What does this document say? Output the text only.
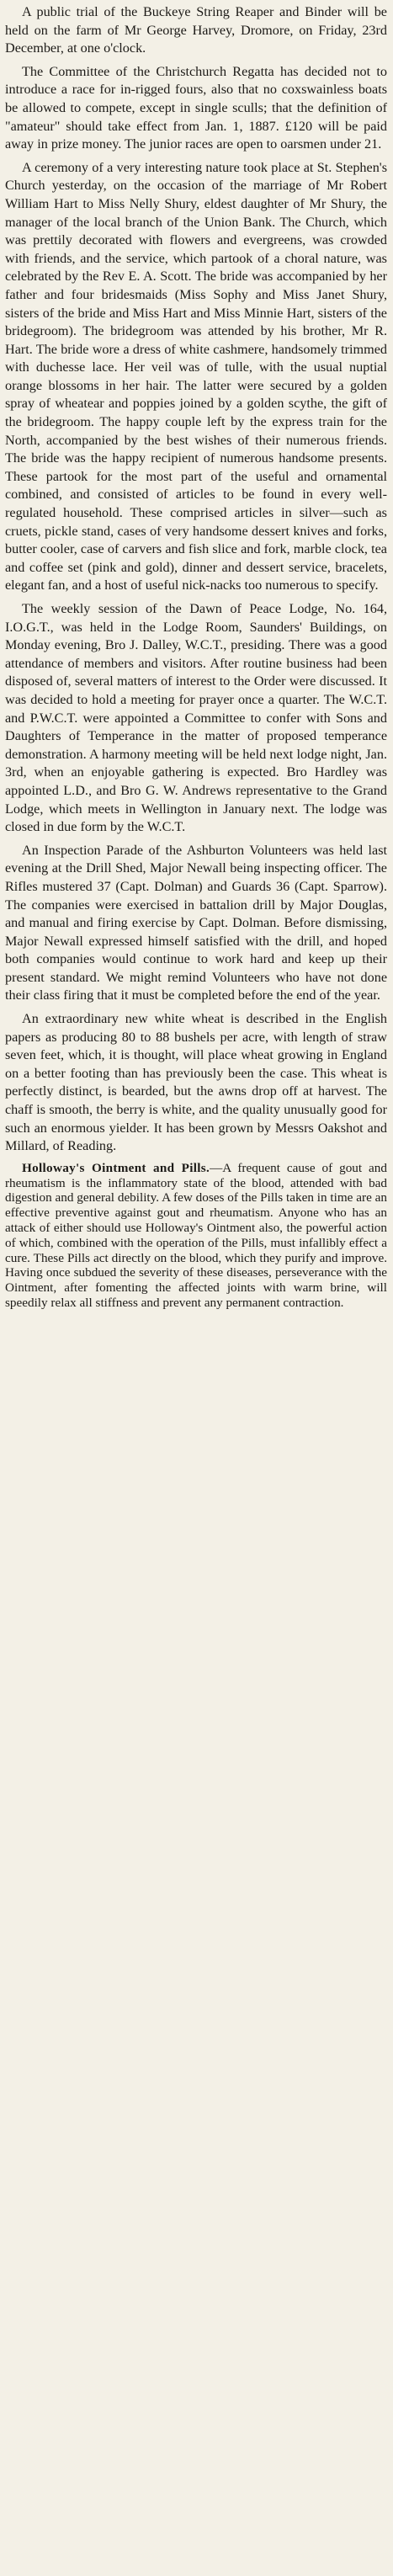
A public trial of the Buckeye String Reaper and Binder will be held on the farm of Mr George Harvey, Dromore, on Friday, 23rd December, at one o'clock.

The Committee of the Christchurch Regatta has decided not to introduce a race for in-rigged fours, also that no coxswainless boats be allowed to compete, except in single sculls; that the definition of "amateur" should take effect from Jan. 1, 1887. £120 will be paid away in prize money. The junior races are open to oarsmen under 21.

A ceremony of a very interesting nature took place at St. Stephen's Church yesterday, on the occasion of the marriage of Mr Robert William Hart to Miss Nelly Shury, eldest daughter of Mr Shury, the manager of the local branch of the Union Bank. The Church, which was prettily decorated with flowers and evergreens, was crowded with friends, and the service, which partook of a choral nature, was celebrated by the Rev E. A. Scott. The bride was accompanied by her father and four bridesmaids (Miss Sophy and Miss Janet Shury, sisters of the bride and Miss Hart and Miss Minnie Hart, sisters of the bridegroom). The bridegroom was attended by his brother, Mr R. Hart. The bride wore a dress of white cashmere, handsomely trimmed with duchesse lace. Her veil was of tulle, with the usual nuptial orange blossoms in her hair. The latter were secured by a golden spray of wheatear and poppies joined by a golden scythe, the gift of the bridegroom. The happy couple left by the express train for the North, accompanied by the best wishes of their numerous friends. The bride was the happy recipient of numerous handsome presents. These partook for the most part of the useful and ornamental combined, and consisted of articles to be found in every well-regulated household. These comprised articles in silver—such as cruets, pickle stand, cases of very handsome dessert knives and forks, butter cooler, case of carvers and fish slice and fork, marble clock, tea and coffee set (pink and gold), dinner and dessert service, bracelets, elegant fan, and a host of useful nick-nacks too numerous to specify.

The weekly session of the Dawn of Peace Lodge, No. 164, I.O.G.T., was held in the Lodge Room, Saunders' Buildings, on Monday evening, Bro J. Dalley, W.C.T., presiding. There was a good attendance of members and visitors. After routine business had been disposed of, several matters of interest to the Order were discussed. It was decided to hold a meeting for prayer once a quarter. The W.C.T. and P.W.C.T. were appointed a Committee to confer with Sons and Daughters of Temperance in the matter of proposed temperance demonstration. A harmony meeting will be held next lodge night, Jan. 3rd, when an enjoyable gathering is expected. Bro Hardley was appointed L.D., and Bro G. W. Andrews representative to the Grand Lodge, which meets in Wellington in January next. The lodge was closed in due form by the W.C.T.

An Inspection Parade of the Ashburton Volunteers was held last evening at the Drill Shed, Major Newall being inspecting officer. The Rifles mustered 37 (Capt. Dolman) and Guards 36 (Capt. Sparrow). The companies were exercised in battalion drill by Major Douglas, and manual and firing exercise by Capt. Dolman. Before dismissing, Major Newall expressed himself satisfied with the drill, and hoped both companies would continue to work hard and keep up their present standard. We might remind Volunteers who have not done their class firing that it must be completed before the end of the year.

An extraordinary new white wheat is described in the English papers as producing 80 to 88 bushels per acre, with length of straw seven feet, which, it is thought, will place wheat growing in England on a better footing than has previously been the case. This wheat is perfectly distinct, is bearded, but the awns drop off at harvest. The chaff is smooth, the berry is white, and the quality unusually good for such an enormous yielder. It has been grown by Messrs Oakshot and Millard, of Reading.

Holloway's Ointment and Pills.—A frequent cause of gout and rheumatism is the inflammatory state of the blood, attended with bad digestion and general debility. A few doses of the Pills taken in time are an effective preventive against gout and rheumatism. Anyone who has an attack of either should use Holloway's Ointment also, the powerful action of which, combined with the operation of the Pills, must infallibly effect a cure. These Pills act directly on the blood, which they purify and improve. Having once subdued the severity of these diseases, perseverance with the Ointment, after fomenting the affected joints with warm brine, will speedily relax all stiffness and prevent any permanent contraction.
